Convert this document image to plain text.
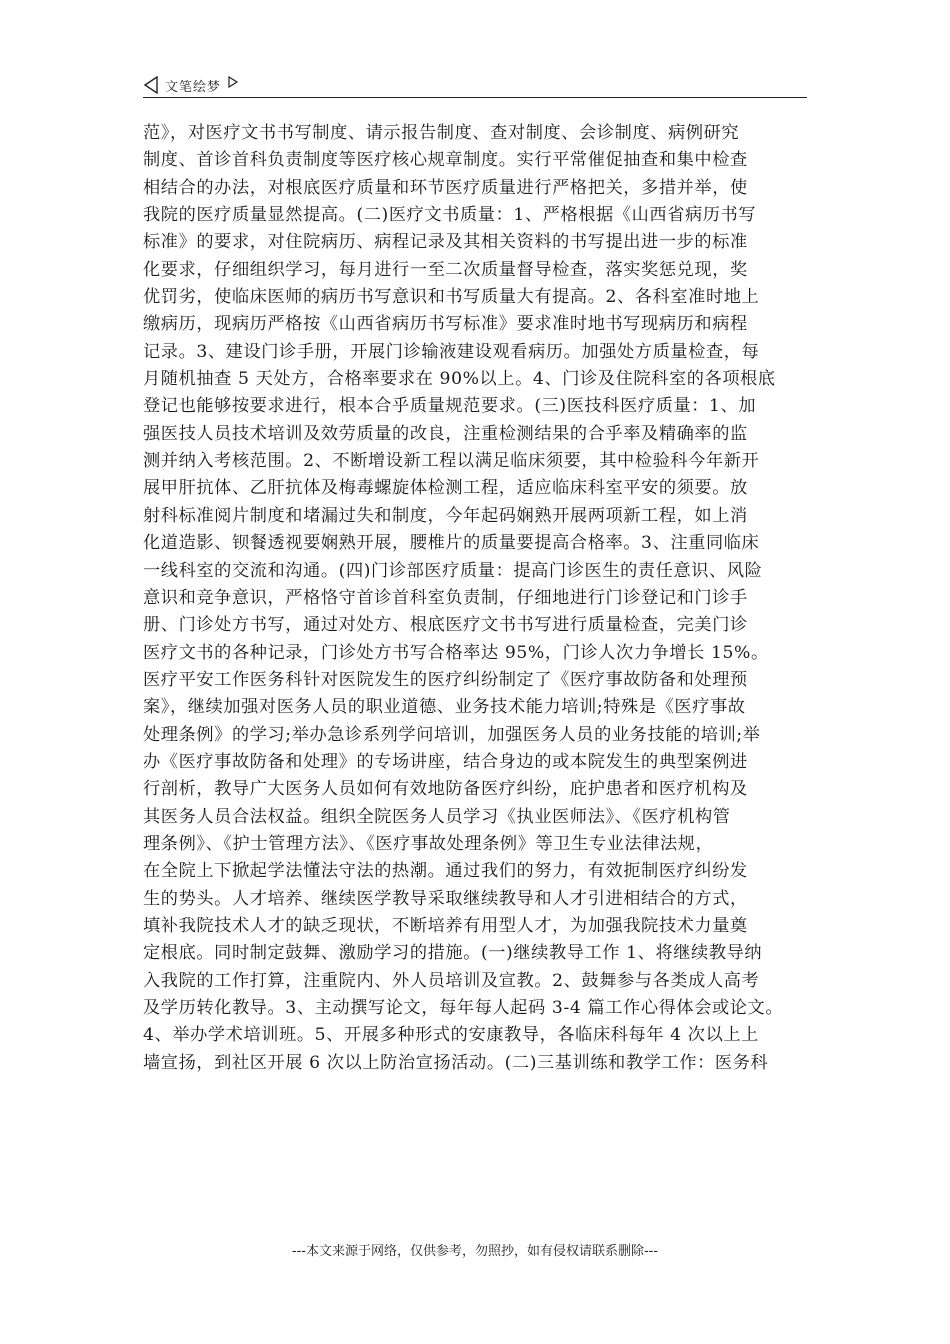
文笔绘梦
范》，对医疗文书书写制度、请示报告制度、查对制度、会诊制度、病例研究
制度、首诊首科负责制度等医疗核心规章制度。实行平常催促抽查和集中检查
相结合的办法，对根底医疗质量和环节医疗质量进行严格把关，多措并举，使
我院的医疗质量显然提高。(二)医疗文书质量：1、严格根据《山西省病历书写
标准》的要求，对住院病历、病程记录及其相关资料的书写提出进一步的标准
化要求，仔细组织学习，每月进行一至二次质量督导检查，落实奖惩兑现，奖
优罚劣，使临床医师的病历书写意识和书写质量大有提高。2、各科室准时地上
缴病历，现病历严格按《山西省病历书写标准》要求准时地书写现病历和病程
记录。3、建设门诊手册，开展门诊输液建设观看病历。加强处方质量检查，每
月随机抽查 5 天处方，合格率要求在 90%以上。4、门诊及住院科室的各项根底
登记也能够按要求进行，根本合乎质量规范要求。(三)医技科医疗质量：1、加
强医技人员技术培训及效劳质量的改良，注重检测结果的合乎率及精确率的监
测并纳入考核范围。2、不断增设新工程以满足临床须要，其中检验科今年新开
展甲肝抗体、乙肝抗体及梅毒螺旋体检测工程，适应临床科室平安的须要。放
射科标准阅片制度和堵漏过失和制度，今年起码娴熟开展两项新工程，如上消
化道造影、钡餐透视要娴熟开展，腰椎片的质量要提高合格率。3、注重同临床
一线科室的交流和沟通。(四)门诊部医疗质量：提高门诊医生的责任意识、风险
意识和竞争意识，严格恪守首诊首科室负责制，仔细地进行门诊登记和门诊手
册、门诊处方书写，通过对处方、根底医疗文书书写进行质量检查，完美门诊
医疗文书的各种记录，门诊处方书写合格率达 95%，门诊人次力争增长 15%。
医疗平安工作医务科针对医院发生的医疗纠纷制定了《医疗事故防备和处理预
案》，继续加强对医务人员的职业道德、业务技术能力培训;特殊是《医疗事故
处理条例》的学习;举办急诊系列学问培训，加强医务人员的业务技能的培训;举
办《医疗事故防备和处理》的专场讲座，结合身边的或本院发生的典型案例进
行剖析，教导广大医务人员如何有效地防备医疗纠纷，庇护患者和医疗机构及
其医务人员合法权益。组织全院医务人员学习《执业医师法》、《医疗机构管
理条例》、《护士管理方法》、《医疗事故处理条例》等卫生专业法律法规，
在全院上下掀起学法懂法守法的热潮。通过我们的努力，有效扼制医疗纠纷发
生的势头。人才培养、继续医学教导采取继续教导和人才引进相结合的方式，
填补我院技术人才的缺乏现状，不断培养有用型人才，为加强我院技术力量奠
定根底。同时制定鼓舞、激励学习的措施。(一)继续教导工作 1、将继续教导纳
入我院的工作打算，注重院内、外人员培训及宣教。2、鼓舞参与各类成人高考
及学历转化教导。3、主动撰写论文，每年每人起码 3-4 篇工作心得体会或论文。
4、举办学术培训班。5、开展多种形式的安康教导，各临床科每年 4 次以上上
墙宣扬，到社区开展 6 次以上防治宣扬活动。(二)三基训练和教学工作：医务科
---本文来源于网络，仅供参考，勿照抄，如有侵权请联系删除---
